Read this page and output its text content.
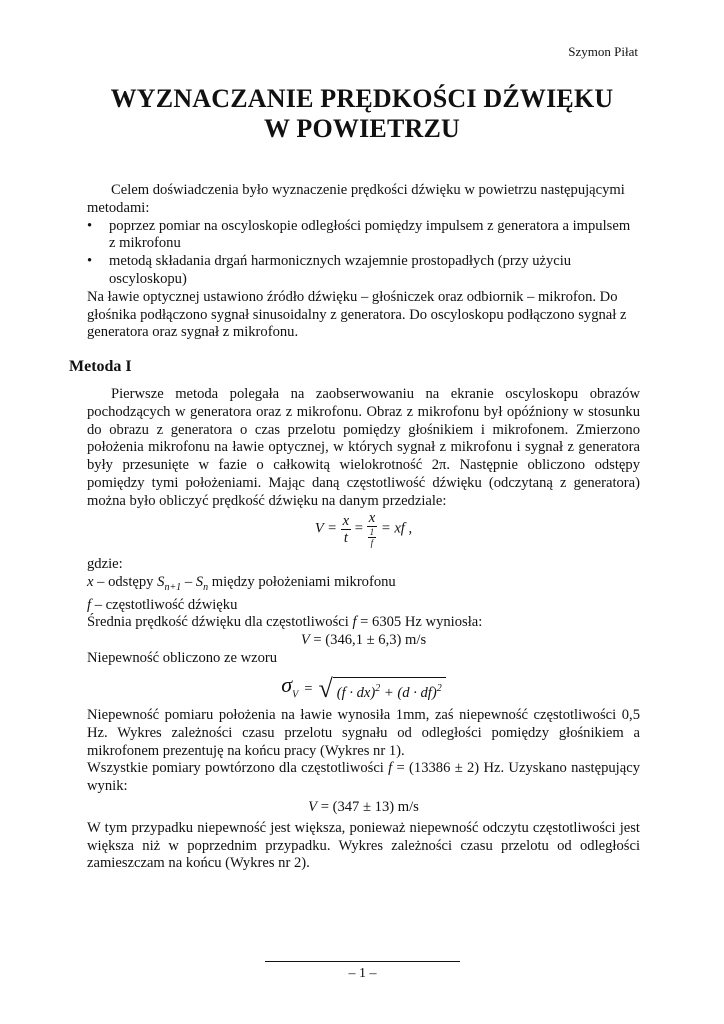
Szymon Piłat
WYZNACZANIE PRĘDKOŚCI DŹWIĘKU
W POWIETRZU
Celem doświadczenia było wyznaczenie prędkości dźwięku w powietrzu następującymi metodami:
• poprzez pomiar na oscyloskopie odległości pomiędzy impulsem z generatora a impulsem z mikrofonu
• metodą składania drgań harmonicznych wzajemnie prostopadłych (przy użyciu oscyloskopu)
Na ławie optycznej ustawiono źródło dźwięku – głośniczek oraz odbiornik – mikrofon. Do głośnika podłączono sygnał sinusoidalny z generatora. Do oscyloskopu podłączono sygnał z generatora oraz sygnał z mikrofonu.
Metoda I
Pierwsze metoda polegała na zaobserwowaniu na ekranie oscyloskopu obrazów pochodzących w generatora oraz z mikrofonu. Obraz z mikrofonu był opóźniony w stosunku do obrazu z generatora o czas przelotu pomiędzy głośnikiem i mikrofonem. Zmierzono położenia mikrofonu na ławie optycznej, w których sygnał z mikrofonu i sygnał z generatora były przesunięte w fazie o całkowitą wielokrotność 2π. Następnie obliczono odstępy pomiędzy tymi położeniami. Mając daną częstotliwość dźwięku (odczytaną z generatora) można było obliczyć prędkość dźwięku na danym przedziale:
$V = \frac{x}{t} = \frac{x}{\frac{1}{f}}$ = xf ,
gdzie:
x – odstępy $S_{n+1} - S_n$ między położeniami mikrofonu
f – częstotliwość dźwięku
Średnia prędkość dźwięku dla częstotliwości f = 6305 Hz wyniosła:
V = (346,1 ± 6,3) m/s
Niepewność obliczono ze wzoru
$\sigma_V$ = √ (f · dx)$^2$ + (d · df)$^2$
Niepewność pomiaru położenia na ławie wynosiła 1mm, zaś niepewność częstotliwości 0,5 Hz. Wykres zależności czasu przelotu sygnału od odległości pomiędzy głośnikiem a mikrofonem prezentuję na końcu pracy (Wykres nr 1).
Wszystkie pomiary powtórzono dla częstotliwości f = (13386 ± 2) Hz. Uzyskano następujący wynik:
V = (347 ± 13) m/s
W tym przypadku niepewność jest większa, ponieważ niepewność odczytu częstotliwości jest większa niż w poprzednim przypadku. Wykres zależności czasu przelotu od odległości zamieszczam na końcu (Wykres nr 2).
– 1 –
